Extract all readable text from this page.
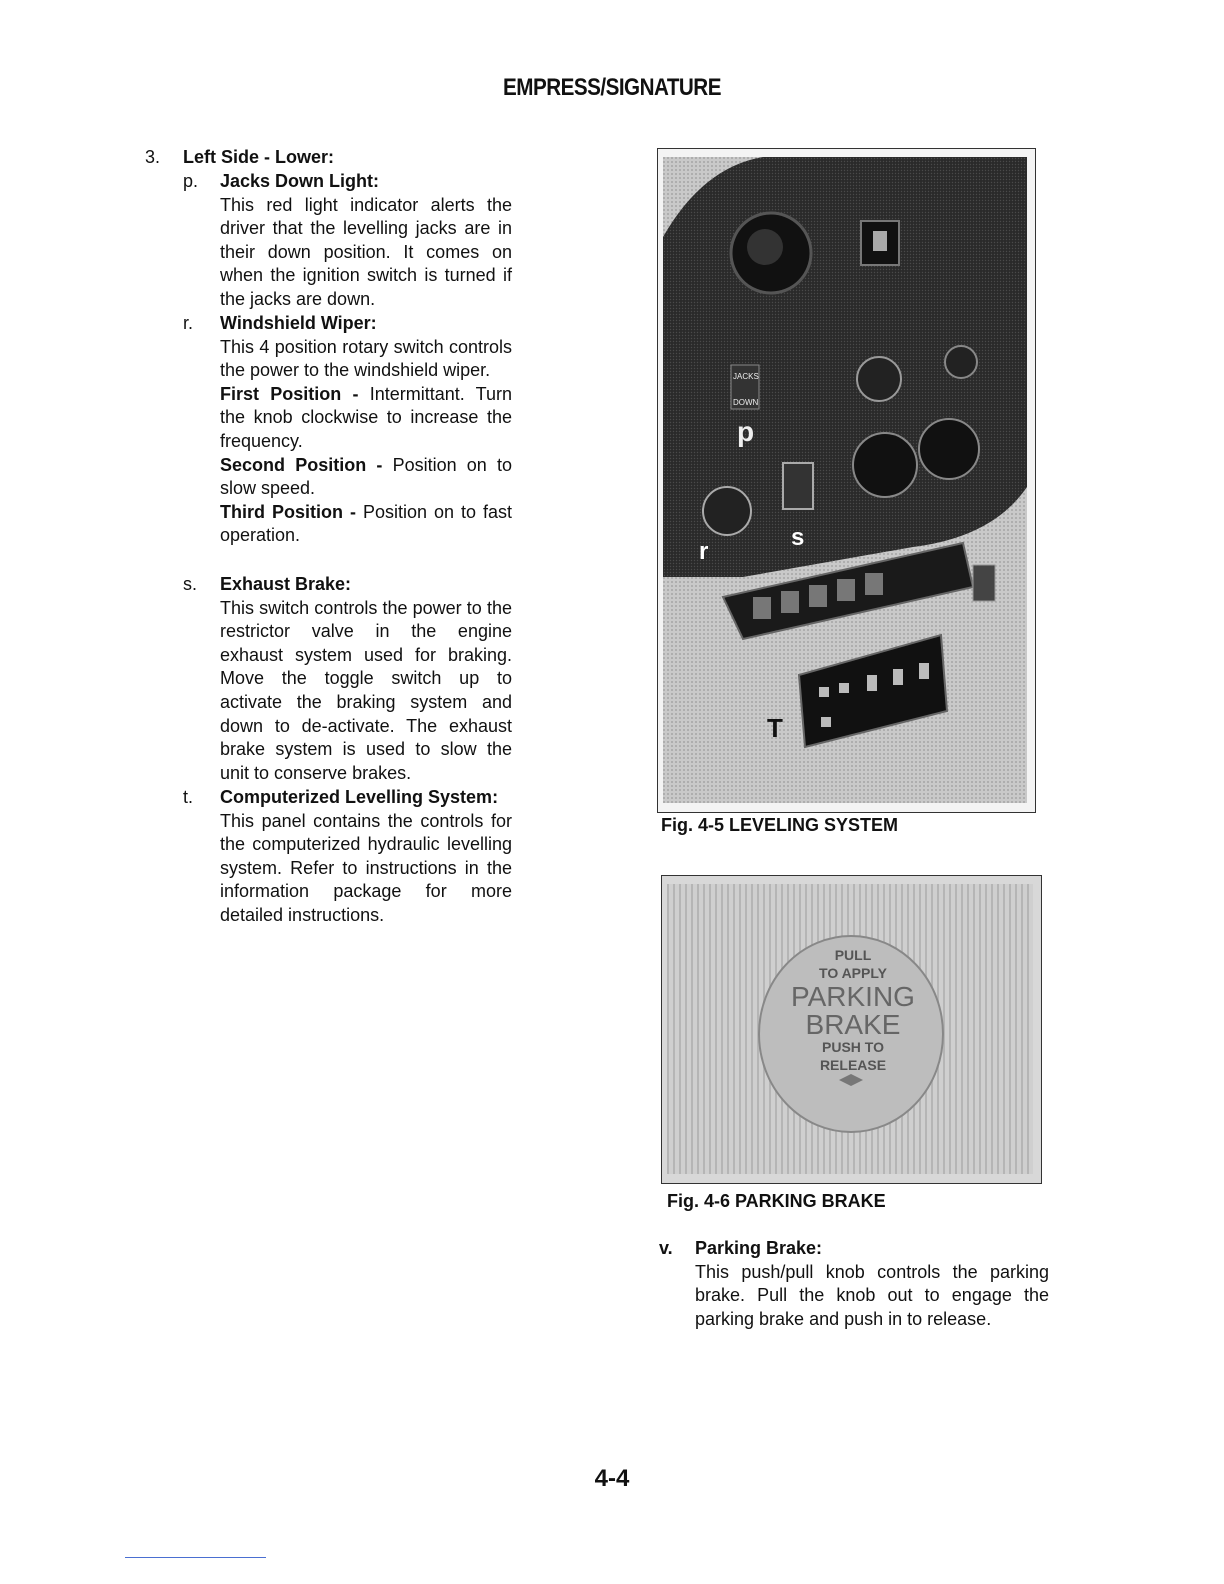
EMPRESS/SIGNATURE
3. Left Side - Lower:
p. Jacks Down Light:
This red light indicator alerts the driver that the levelling jacks are in their down position. It comes on when the ignition switch is turned if the jacks are down.
r. Windshield Wiper:
This 4 position rotary switch controls the power to the windshield wiper.
First Position - Intermittant. Turn the knob clockwise to increase the frequency.
Second Position - Position on to slow speed.
Third Position - Position on to fast operation.
s. Exhaust Brake:
This switch controls the power to the restrictor valve in the engine exhaust system used for braking. Move the toggle switch up to activate the braking system and down to de-activate. The exhaust brake system is used to slow the unit to conserve brakes.
t. Computerized Levelling System:
This panel contains the controls for the computerized hydraulic levelling system. Refer to instructions in the information package for more detailed instructions.
JACKS
DOWN
p
r
s
T
Fig. 4-5 LEVELING SYSTEM
PULL
TO APPLY
PARKING
BRAKE
PUSH TO
RELEASE
Fig. 4-6 PARKING BRAKE
v. Parking Brake:
This push/pull knob controls the parking brake. Pull the knob out to engage the parking brake and push in to release.
4-4
